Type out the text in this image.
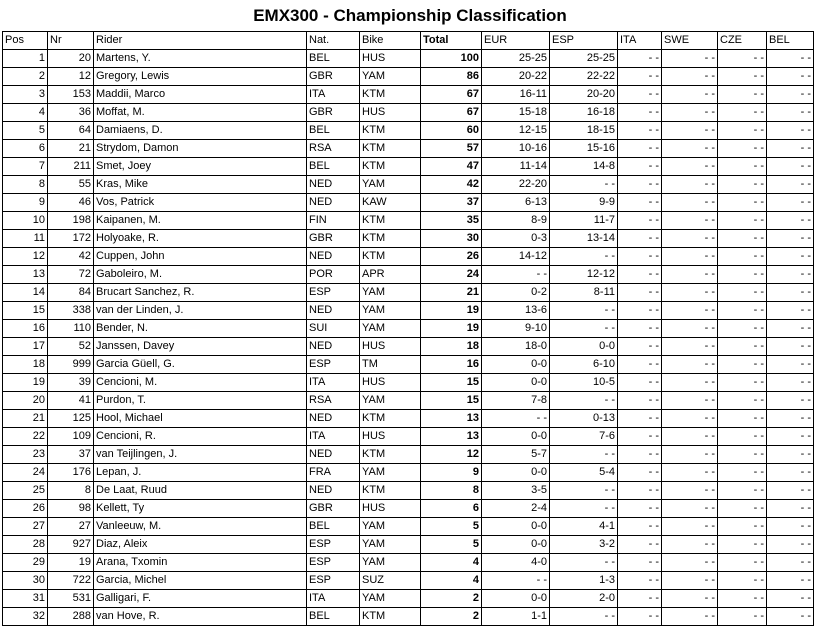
EMX300 - Championship Classification
Pos	Nr	Rider	Nat.	Bike	Total	EUR	ESP	ITA	SWE	CZE	BEL
1	20	Martens, Y.	BEL	HUS	100	25-25	25-25	- -	- -	- -	- -
2	12	Gregory, Lewis	GBR	YAM	86	20-22	22-22	- -	- -	- -	- -
3	153	Maddii, Marco	ITA	KTM	67	16-11	20-20	- -	- -	- -	- -
4	36	Moffat, M.	GBR	HUS	67	15-18	16-18	- -	- -	- -	- -
5	64	Damiaens, D.	BEL	KTM	60	12-15	18-15	- -	- -	- -	- -
6	21	Strydom, Damon	RSA	KTM	57	10-16	15-16	- -	- -	- -	- -
7	211	Smet, Joey	BEL	KTM	47	11-14	14-8	- -	- -	- -	- -
8	55	Kras, Mike	NED	YAM	42	22-20	- -	- -	- -	- -	- -
9	46	Vos, Patrick	NED	KAW	37	6-13	9-9	- -	- -	- -	- -
10	198	Kaipanen, M.	FIN	KTM	35	8-9	11-7	- -	- -	- -	- -
11	172	Holyoake, R.	GBR	KTM	30	0-3	13-14	- -	- -	- -	- -
12	42	Cuppen, John	NED	KTM	26	14-12	- -	- -	- -	- -	- -
13	72	Gaboleiro, M.	POR	APR	24	- -	12-12	- -	- -	- -	- -
14	84	Brucart Sanchez, R.	ESP	YAM	21	0-2	8-11	- -	- -	- -	- -
15	338	van der Linden, J.	NED	YAM	19	13-6	- -	- -	- -	- -	- -
16	110	Bender, N.	SUI	YAM	19	9-10	- -	- -	- -	- -	- -
17	52	Janssen, Davey	NED	HUS	18	18-0	0-0	- -	- -	- -	- -
18	999	Garcia Güell, G.	ESP	TM	16	0-0	6-10	- -	- -	- -	- -
19	39	Cencioni, M.	ITA	HUS	15	0-0	10-5	- -	- -	- -	- -
20	41	Purdon, T.	RSA	YAM	15	7-8	- -	- -	- -	- -	- -
21	125	Hool, Michael	NED	KTM	13	- -	0-13	- -	- -	- -	- -
22	109	Cencioni, R.	ITA	HUS	13	0-0	7-6	- -	- -	- -	- -
23	37	van Teijlingen, J.	NED	KTM	12	5-7	- -	- -	- -	- -	- -
24	176	Lepan, J.	FRA	YAM	9	0-0	5-4	- -	- -	- -	- -
25	8	De Laat, Ruud	NED	KTM	8	3-5	- -	- -	- -	- -	- -
26	98	Kellett, Ty	GBR	HUS	6	2-4	- -	- -	- -	- -	- -
27	27	Vanleeuw, M.	BEL	YAM	5	0-0	4-1	- -	- -	- -	- -
28	927	Diaz, Aleix	ESP	YAM	5	0-0	3-2	- -	- -	- -	- -
29	19	Arana, Txomin	ESP	YAM	4	4-0	- -	- -	- -	- -	- -
30	722	Garcia, Michel	ESP	SUZ	4	- -	1-3	- -	- -	- -	- -
31	531	Galligari, F.	ITA	YAM	2	0-0	2-0	- -	- -	- -	- -
32	288	van Hove, R.	BEL	KTM	2	1-1	- -	- -	- -	- -	- -
